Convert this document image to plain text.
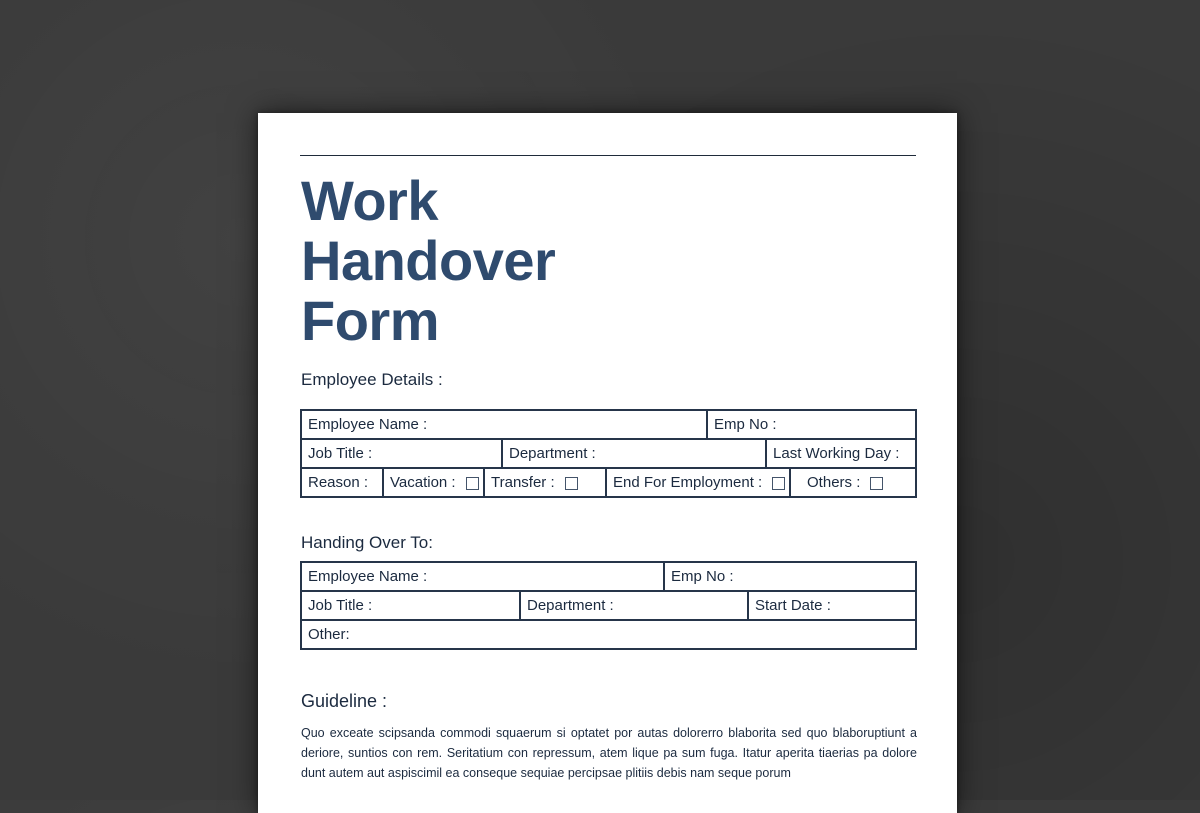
Work
Handover
Form
Employee Details :
Employee Name :					Emp No :		
Job Title :			Department :			Last Working Day :	
Reason :	Vacation :	Transfer :		End For Employment :			Others :
Handing Over To:
Employee Name :		Emp No :	
Job Title :	Department :		Start Date :
Other:			
Guideline :

Quo exceate scipsanda commodi squaerum si optatet por autas dolorerro blaborita sed quo blaboruptiunt a deriore, suntios con rem. Seritatium con repressum, atem lique pa sum fuga. Itatur aperita tiaerias pa dolore dunt autem aut aspiscimil ea conseque sequiae percipsae plitiis debis nam seque porum
